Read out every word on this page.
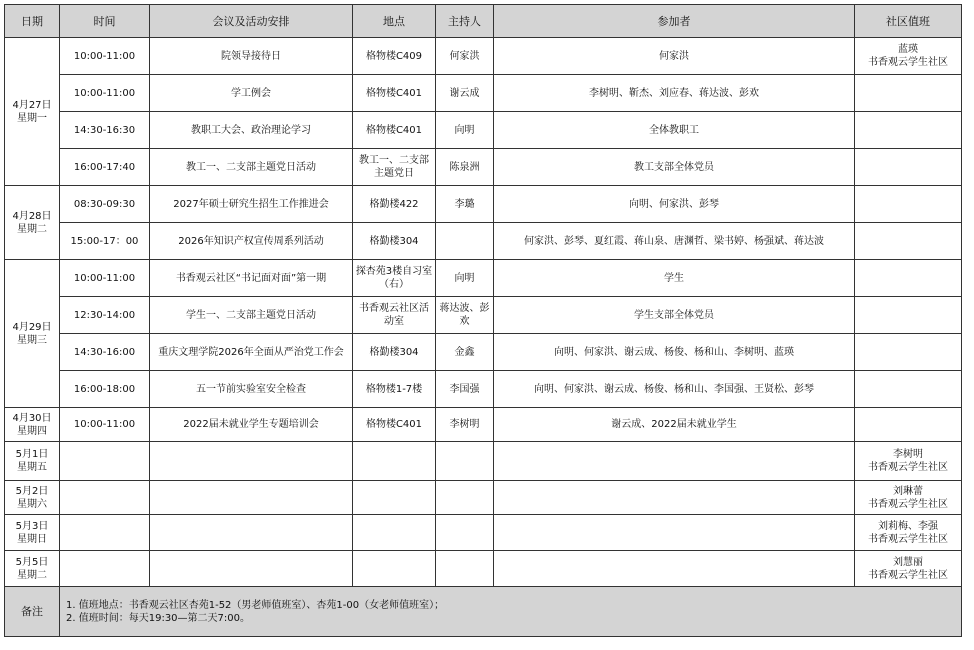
日期	时间	会议及活动安排	地点	主持人	参加者	社区值班

4月27日
星期一	10:00-11:00	院领导接待日	格物楼C409	何家洪	何家洪	蓝瑛
书香观云学生社区

	10:00-11:00	学工例会	格物楼C401	谢云成	李树明、靳杰、刘应春、蒋达波、彭欢	
	14:30-16:30	教职工大会、政治理论学习	格物楼C401	向明	全体教职工	
	16:00-17:40	教工一、二支部主题党日活动	教工一、二支部主题党日	陈泉洲	教工支部全体党员	

4月28日
星期二	08:30-09:30	2027年硕士研究生招生工作推进会	格勤楼422	李璐	向明、何家洪、彭琴	
	15:00-17：00	2026年知识产权宣传周系列活动	格勤楼304		何家洪、彭琴、夏红霞、蒋山泉、唐渊哲、梁书婷、杨强斌、蒋达波	

4月29日
星期三	10:00-11:00	书香观云社区“书记面对面”第一期	探杏苑3楼自习室（右）	向明	学生	
	12:30-14:00	学生一、二支部主题党日活动	书香观云社区活动室	蒋达波、彭欢	学生支部全体党员	
	14:30-16:00	重庆文理学院2026年全面从严治党工作会	格勤楼304	金鑫	向明、何家洪、谢云成、杨俊、杨和山、李树明、蓝瑛	
	16:00-18:00	五一节前实验室安全检查	格物楼1-7楼	李国强	向明、何家洪、谢云成、杨俊、杨和山、李国强、王贤松、彭琴	

4月30日
星期四	10:00-11:00	2022届未就业学生专题培训会	格物楼C401	李树明	谢云成、2022届未就业学生	

5月1日
星期五						李树明
书香观云学生社区

5月2日
星期六						刘琳蕾
书香观云学生社区

5月3日
星期日						刘莉梅、李强
书香观云学生社区

5月5日
星期二						刘慧丽
书香观云学生社区

备注	1. 值班地点：书香观云社区杏苑1-52（男老师值班室）、杏苑1-00（女老师值班室）；
2. 值班时间：每天19:30—第二天7:00。					
